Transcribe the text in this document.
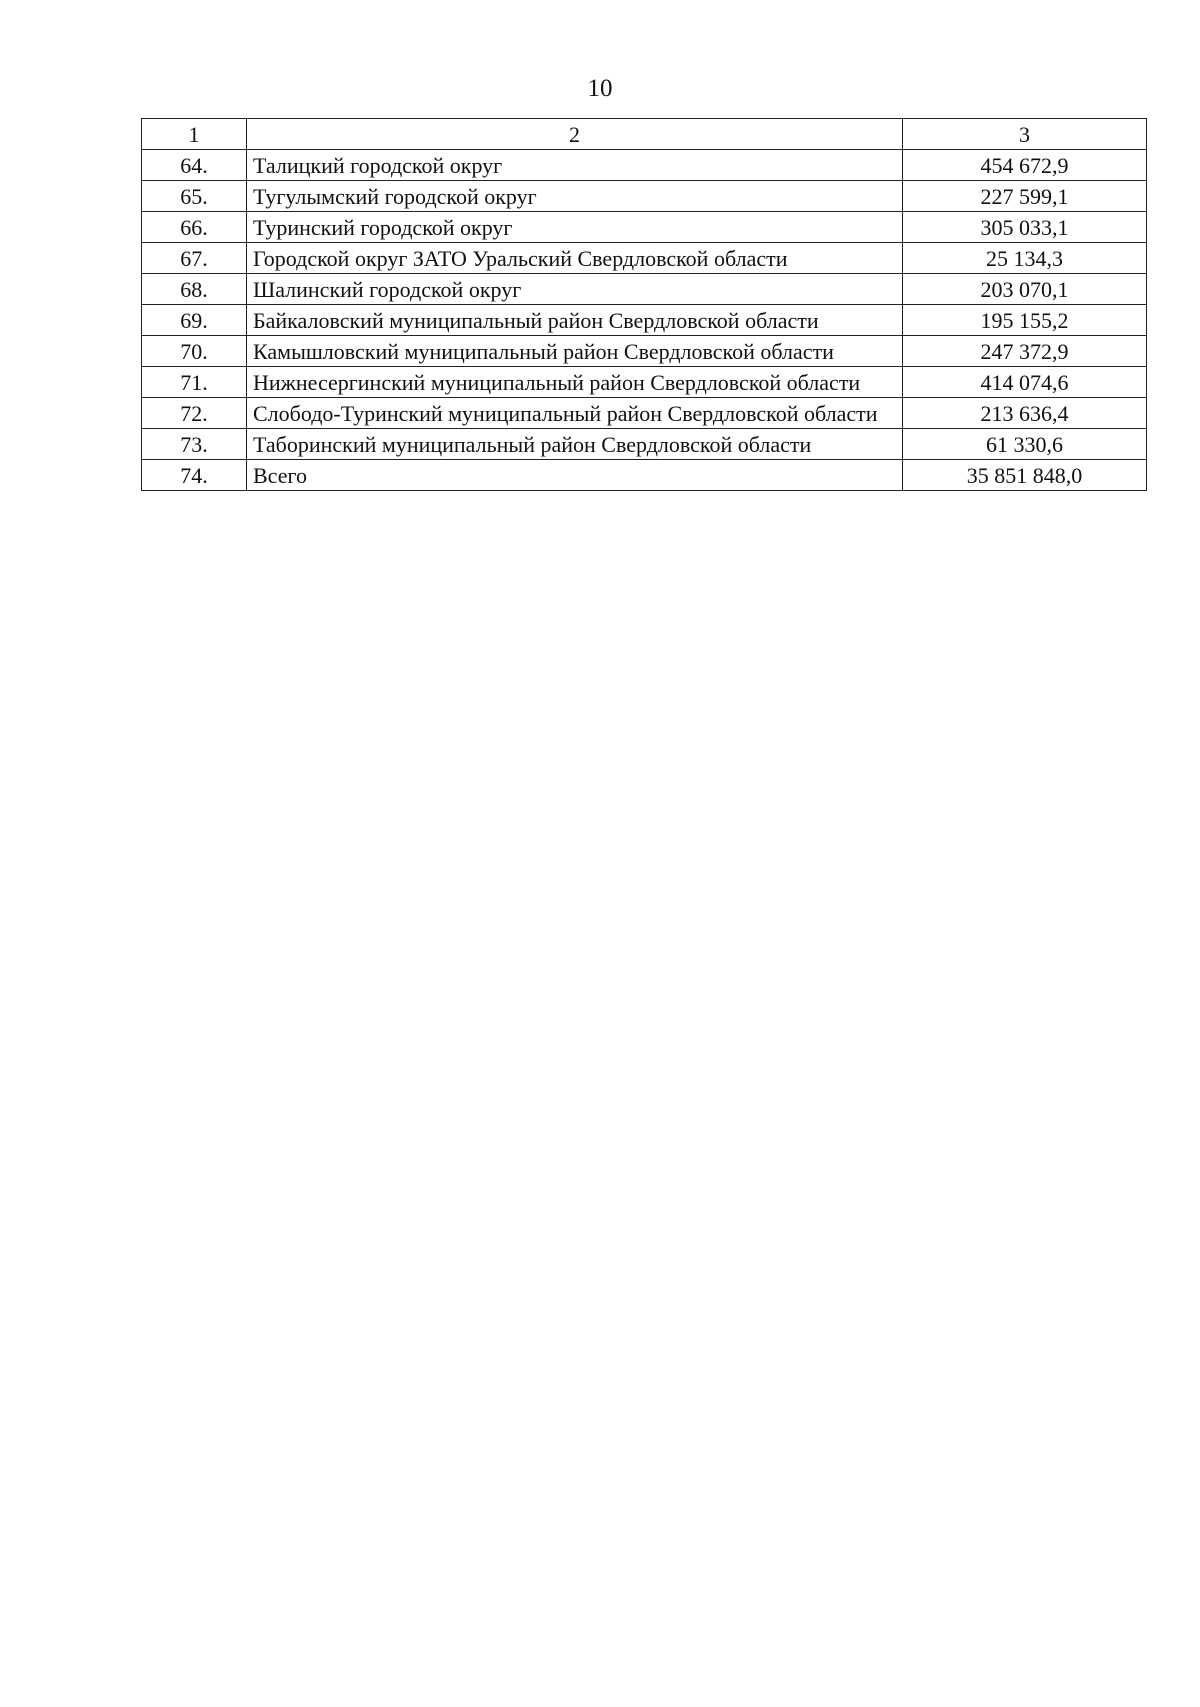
10
1	2	3
64.	Талицкий городской округ	454 672,9
65.	Тугулымский городской округ	227 599,1
66.	Туринский городской округ	305 033,1
67.	Городской округ ЗАТО Уральский Свердловской области	25 134,3
68.	Шалинский городской округ	203 070,1
69.	Байкаловский муниципальный район Свердловской области	195 155,2
70.	Камышловский муниципальный район Свердловской области	247 372,9
71.	Нижнесергинский муниципальный район Свердловской области	414 074,6
72.	Слободо-Туринский муниципальный район Свердловской области	213 636,4
73.	Таборинский муниципальный район Свердловской области	61 330,6
74.	Всего	35 851 848,0
